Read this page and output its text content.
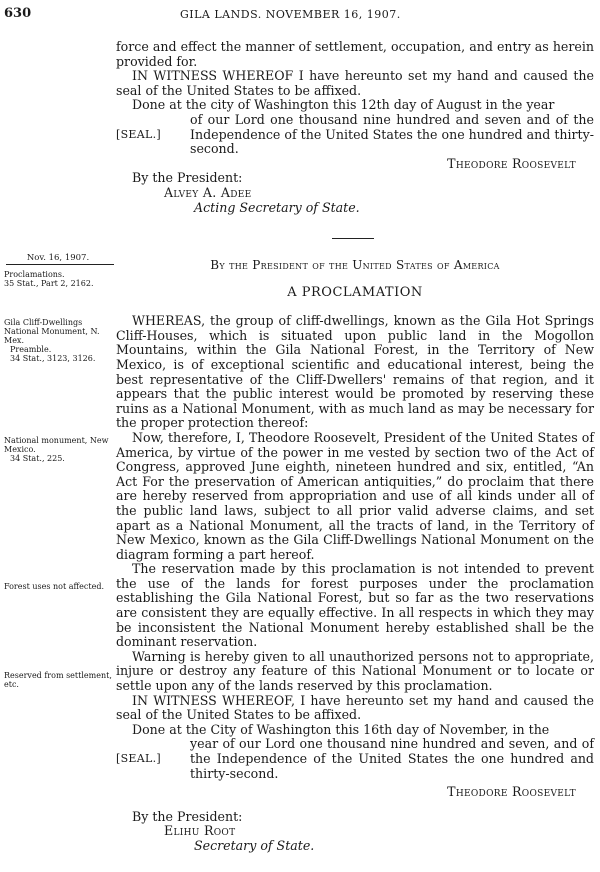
630	GILA LANDS. NOVEMBER 16, 1907.

force and effect the manner of settlement, occupation, and entry as herein provided for.

IN WITNESS WHEREOF I have hereunto set my hand and caused the seal of the United States to be affixed.

Done at the city of Washington this 12th day of August in the year

[SEAL.]
of our Lord one thousand nine hundred and seven and of the Independence of the United States the one hundred and thirty-second.

Theodore Roosevelt

By the President:

Alvey A. Adee

Acting Secretary of State.

Nov. 16, 1907.
Proclamations.
35 Stat., Part 2, 2162.
Gila Cliff-Dwellings National Monument, N. Mex.
Preamble.
34 Stat., 3123, 3126.
National monument, New Mexico.
34 Stat., 225.
Forest uses not affected.
Reserved from settlement, etc.

By the President of the United States of America

A PROCLAMATION

WHEREAS, the group of cliff-dwellings, known as the Gila Hot Springs Cliff-Houses, which is situated upon public land in the Mogollon Mountains, within the Gila National Forest, in the Territory of New Mexico, is of exceptional scientific and educational interest, being the best representative of the Cliff-Dwellers' remains of that region, and it appears that the public interest would be promoted by reserving these ruins as a National Monument, with as much land as may be necessary for the proper protection thereof:

Now, therefore, I, Theodore Roosevelt, President of the United States of America, by virtue of the power in me vested by section two of the Act of Congress, approved June eighth, nineteen hundred and six, entitled, “An Act For the preservation of American antiquities,” do proclaim that there are hereby reserved from appropriation and use of all kinds under all of the public land laws, subject to all prior valid adverse claims, and set apart as a National Monument, all the tracts of land, in the Territory of New Mexico, known as the Gila Cliff-Dwellings National Monument on the diagram forming a part hereof.

The reservation made by this proclamation is not intended to prevent the use of the lands for forest purposes under the proclamation establishing the Gila National Forest, but so far as the two reservations are consistent they are equally effective. In all respects in which they may be inconsistent the National Monument hereby established shall be the dominant reservation.

Warning is hereby given to all unauthorized persons not to appropriate, injure or destroy any feature of this National Monument or to locate or settle upon any of the lands reserved by this proclamation.

IN WITNESS WHEREOF, I have hereunto set my hand and caused the seal of the United States to be affixed.

Done at the City of Washington this 16th day of November, in the

[SEAL.]
year of our Lord one thousand nine hundred and seven, and of the Independence of the United States the one hundred and thirty-second.

Theodore Roosevelt

By the President:

Elihu Root

Secretary of State.
